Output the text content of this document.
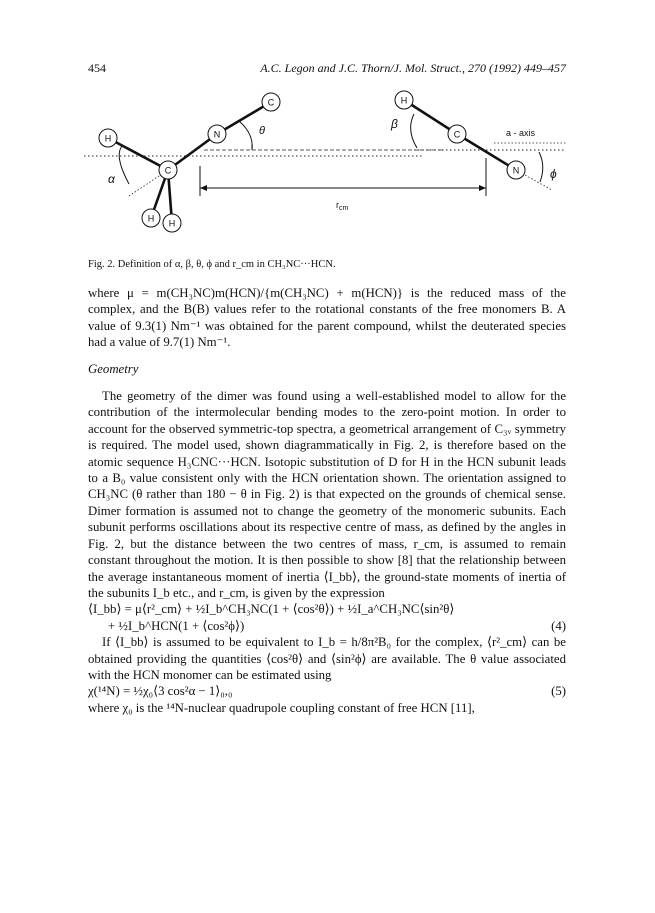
454	A.C. Legon and J.C. Thorn/J. Mol. Struct., 270 (1992) 449–457
θ
α
β
ϕ
$r_{cm}$
a - axis
H
C
H H
N
C	H
C
N
Fig. 2. Definition of α, β, θ, ϕ and r_cm in CH₃NC···HCN.

where μ = m(CH₃NC)m(HCN)/{m(CH₃NC) + m(HCN)} is the reduced mass of the complex, and the B(B) values refer to the rotational constants of the free monomers B. A value of 9.3(1) Nm⁻¹ was obtained for the parent compound, whilst the deuterated species had a value of 9.7(1) Nm⁻¹.

Geometry

The geometry of the dimer was found using a well-established model to allow for the contribution of the intermolecular bending modes to the zero-point motion. In order to account for the observed symmetric-top spectra, a geometrical arrangement of C₃ᵥ symmetry is required. The model used, shown diagrammatically in Fig. 2, is therefore based on the atomic sequence H₃CNC···HCN. Isotopic substitution of D for H in the HCN subunit leads to a B₀ value consistent only with the HCN orientation shown. The orientation assigned to CH₃NC (θ rather than 180 − θ in Fig. 2) is that expected on the grounds of chemical sense. Dimer formation is assumed not to change the geometry of the monomeric subunits. Each subunit performs oscillations about its respective centre of mass, as defined by the angles in Fig. 2, but the distance between the two centres of mass, r_cm, is assumed to remain constant throughout the motion. It is then possible to show [8] that the relationship between the average instantaneous moment of inertia ⟨I_bb⟩, the ground-state moments of inertia of the subunits I_b etc., and r_cm, is given by the expression

⟨I_bb⟩ = μ⟨r²_cm⟩ + ½I_b^CH₃NC(1 + ⟨cos²θ⟩) + ½I_a^CH₃NC⟨sin²θ⟩
+ ½I_b^HCN(1 + ⟨cos²ϕ⟩)	(4)

If ⟨I_bb⟩ is assumed to be equivalent to I_b = h/8π²B₀ for the complex, ⟨r²_cm⟩ can be obtained providing the quantities ⟨cos²θ⟩ and ⟨sin²ϕ⟩ are available. The θ value associated with the HCN monomer can be estimated using

χ(¹⁴N) = ½χ₀⟨3 cos²α − 1⟩₀,₀	(5)

where χ₀ is the ¹⁴N-nuclear quadrupole coupling constant of free HCN [11],
